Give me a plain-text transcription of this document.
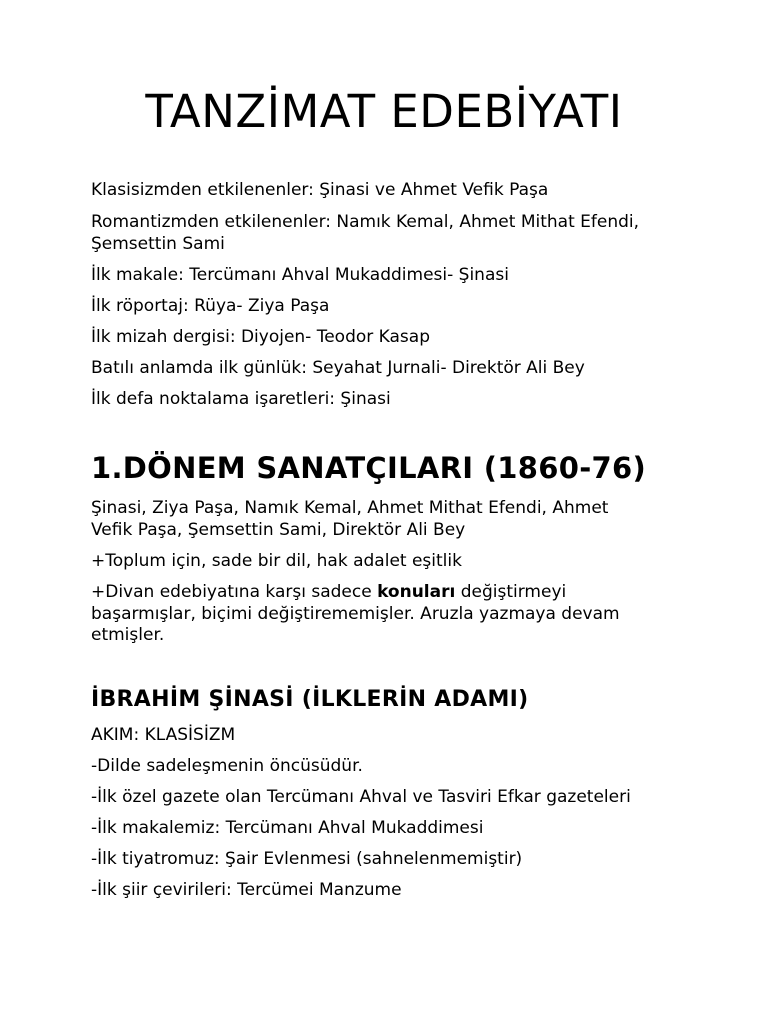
TANZİMAT EDEBİYATI

Klasisizmden etkilenenler: Şinasi ve Ahmet Vefik Paşa

Romantizmden etkilenenler: Namık Kemal, Ahmet Mithat Efendi,

Şemsettin Sami

İlk makale: Tercümanı Ahval Mukaddimesi- Şinasi

İlk röportaj: Rüya- Ziya Paşa

İlk mizah dergisi: Diyojen- Teodor Kasap

Batılı anlamda ilk günlük: Seyahat Jurnali- Direktör Ali Bey

İlk defa noktalama işaretleri: Şinasi

1.DÖNEM SANATÇILARI (1860-76)

Şinasi, Ziya Paşa, Namık Kemal, Ahmet Mithat Efendi, Ahmet

Vefik Paşa, Şemsettin Sami, Direktör Ali Bey

+Toplum için, sade bir dil, hak adalet eşitlik

+Divan edebiyatına karşı sadece konuları değiştirmeyi

başarmışlar, biçimi değiştirememişler. Aruzla yazmaya devam

etmişler.

İBRAHİM ŞİNASİ (İLKLERİN ADAMI)

AKIM: KLASİSİZM

-Dilde sadeleşmenin öncüsüdür.

-İlk özel gazete olan Tercümanı Ahval ve Tasviri Efkar gazeteleri

-İlk makalemiz: Tercümanı Ahval Mukaddimesi

-İlk tiyatromuz: Şair Evlenmesi (sahnelenmemiştir)

-İlk şiir çevirileri: Tercümei Manzume
